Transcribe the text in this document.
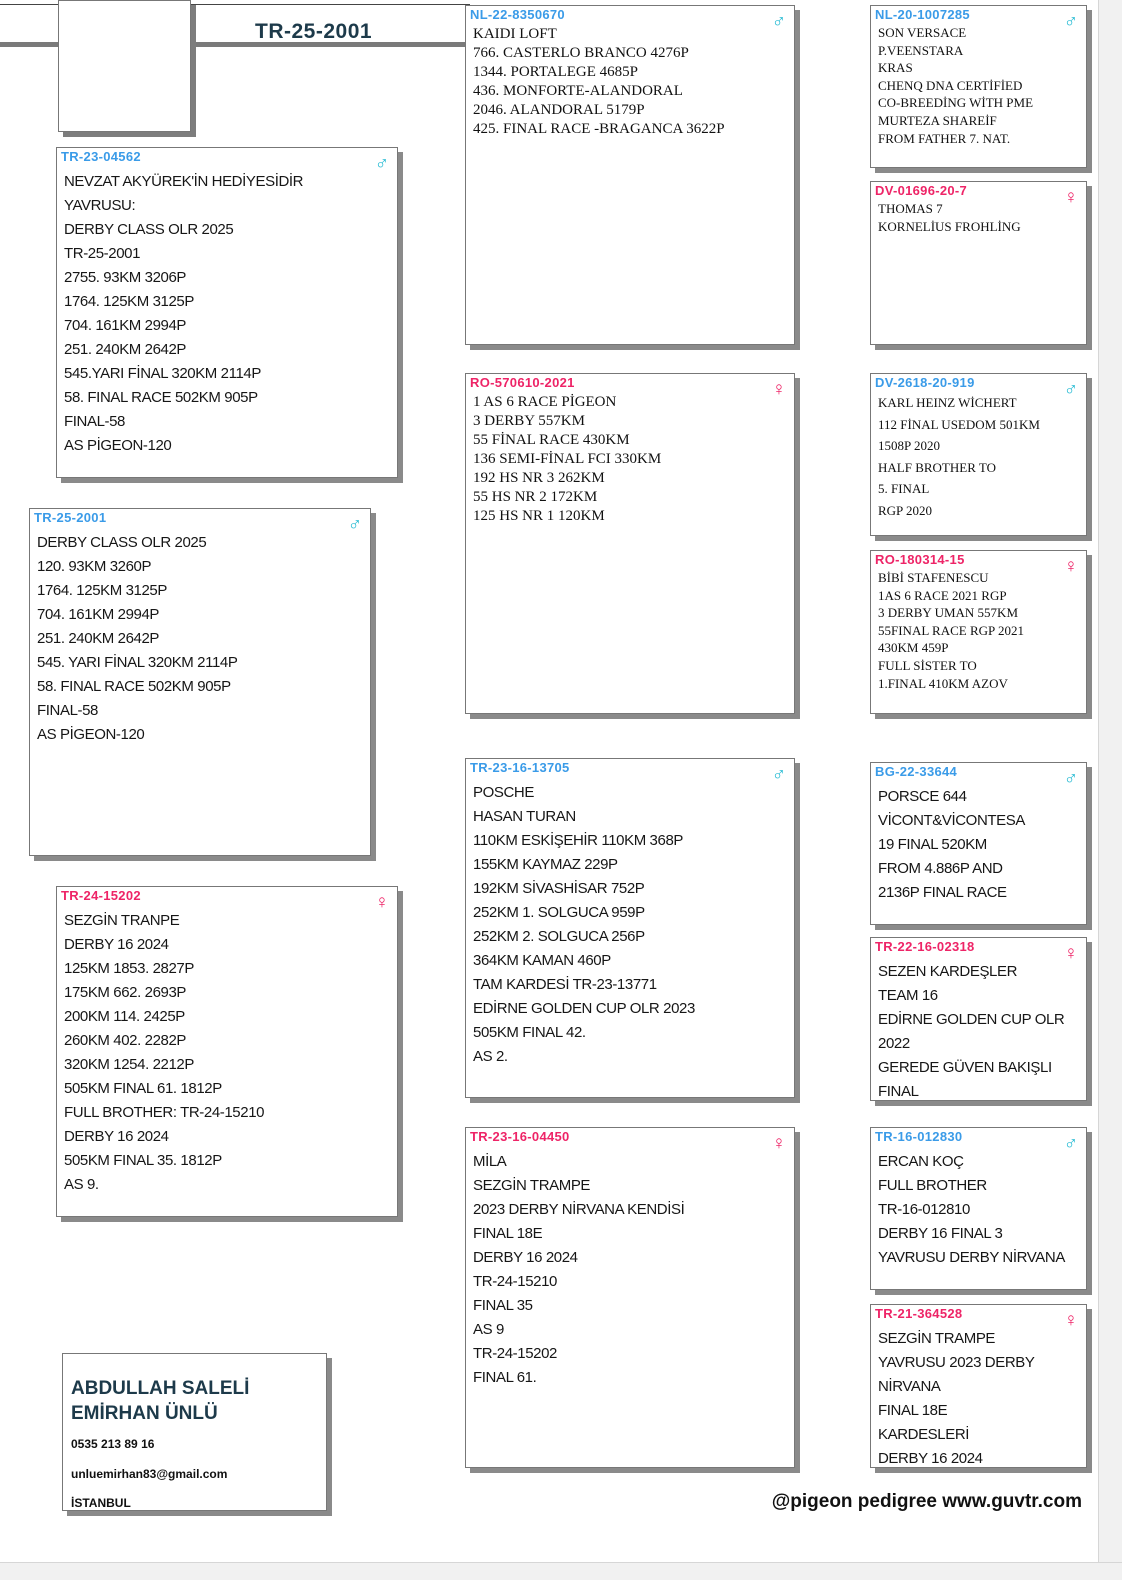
TR-25-2001
TR-23-04562	♂
NEVZAT AKYÜREK'İN HEDİYESİDİR
YAVRUSU:
DERBY CLASS OLR 2025
TR-25-2001
2755. 93KM 3206P
1764. 125KM 3125P
704. 161KM 2994P
251. 240KM 2642P
545.YARI FİNAL 320KM 2114P
58. FINAL RACE 502KM 905P
FINAL-58
AS PİGEON-120
TR-25-2001	♂
DERBY CLASS OLR 2025
120. 93KM 3260P
1764. 125KM 3125P
704. 161KM 2994P
251. 240KM 2642P
545. YARI FİNAL 320KM 2114P
58. FINAL RACE 502KM 905P
FINAL-58
AS PİGEON-120
TR-24-15202	♀
SEZGİN TRANPE
DERBY 16 2024
125KM 1853. 2827P
175KM 662. 2693P
200KM 114. 2425P
260KM 402. 2282P
320KM 1254. 2212P
505KM FINAL 61. 1812P
FULL BROTHER: TR-24-15210
DERBY 16 2024
505KM FINAL 35. 1812P
AS 9.
NL-22-8350670	♂
KAIDI LOFT
766. CASTERLO BRANCO 4276P
1344. PORTALEGE 4685P
436. MONFORTE-ALANDORAL
2046. ALANDORAL 5179P
425. FINAL RACE -BRAGANCA 3622P
RO-570610-2021	♀
1 AS 6 RACE PİGEON
3 DERBY 557KM
55 FİNAL RACE 430KM
136 SEMI-FİNAL FCI 330KM
192 HS NR 3 262KM
55 HS NR 2 172KM
125 HS NR 1 120KM
TR-23-16-13705	♂
POSCHE
HASAN TURAN
110KM ESKİŞEHİR 110KM 368P
155KM KAYMAZ 229P
192KM SİVASHİSAR 752P
252KM 1. SOLGUCA 959P
252KM 2. SOLGUCA 256P
364KM KAMAN 460P
TAM KARDESİ TR-23-13771
EDİRNE GOLDEN CUP OLR 2023
505KM FINAL 42.
AS 2.
TR-23-16-04450	♀
MİLA
SEZGİN TRAMPE
2023 DERBY NİRVANA KENDİSİ
FINAL 18E
DERBY 16 2024
TR-24-15210
FINAL 35
AS 9
TR-24-15202
FINAL 61.
NL-20-1007285	♂
SON VERSACE
P.VEENSTARA
KRAS
CHENQ DNA CERTİFİED
CO-BREEDİNG WİTH PME
MURTEZA SHAREİF
FROM FATHER 7. NAT.
DV-01696-20-7	♀
THOMAS 7
KORNELİUS FROHLİNG
DV-2618-20-919	♂
KARL HEINZ WİCHERT
112 FİNAL USEDOM 501KM
1508P 2020
HALF BROTHER TO
5. FINAL
RGP 2020
RO-180314-15	♀
BİBİ STAFENESCU
1AS 6 RACE 2021 RGP
3 DERBY UMAN 557KM
55FINAL RACE RGP 2021
430KM 459P
FULL SİSTER TO
1.FINAL 410KM AZOV
BG-22-33644	♂
PORSCE 644
VİCONT&VİCONTESA
19 FINAL 520KM
FROM 4.886P AND
2136P FINAL RACE
TR-22-16-02318	♀
SEZEN KARDEŞLER
TEAM 16
EDİRNE GOLDEN CUP OLR
2022
GEREDE GÜVEN BAKIŞLI
FINAL
TR-16-012830	♂
ERCAN KOÇ
FULL BROTHER
TR-16-012810
DERBY 16 FINAL 3
YAVRUSU DERBY NİRVANA
TR-21-364528	♀
SEZGİN TRAMPE
YAVRUSU 2023 DERBY
NİRVANA
FINAL 18E
KARDESLERİ
DERBY 16 2024
ABDULLAH SALELİ
EMİRHAN ÜNLÜ
0535 213 89 16
unluemirhan83@gmail.com
İSTANBUL	@pigeon pedigree www.guvtr.com
